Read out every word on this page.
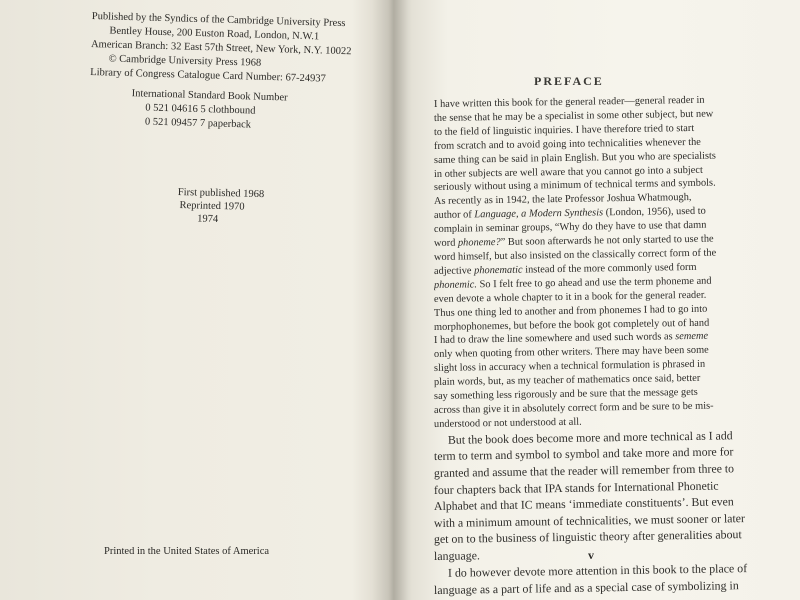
Published by the Syndics of the Cambridge University Press
Bentley House, 200 Euston Road, London, N.W.1
American Branch: 32 East 57th Street, New York, N.Y. 10022
© Cambridge University Press 1968
Library of Congress Catalogue Card Number: 67-24937
International Standard Book Number
0 521 04616 5 clothbound
0 521 09457 7 paperback
First published 1968
Reprinted 1970
1974
Printed in the United States of America
PREFACE
I have written this book for the general reader—general reader in
the sense that he may be a specialist in some other subject, but new
to the field of linguistic inquiries. I have therefore tried to start
from scratch and to avoid going into technicalities whenever the
same thing can be said in plain English. But you who are specialists
in other subjects are well aware that you cannot go into a subject
seriously without using a minimum of technical terms and symbols.
As recently as in 1942, the late Professor Joshua Whatmough,
author of Language, a Modern Synthesis (London, 1956), used to
complain in seminar groups, “Why do they have to use that damn
word phoneme?” But soon afterwards he not only started to use the
word himself, but also insisted on the classically correct form of the
adjective phonematic instead of the more commonly used form
phonemic. So I felt free to go ahead and use the term phoneme and
even devote a whole chapter to it in a book for the general reader.
Thus one thing led to another and from phonemes I had to go into
morphophonemes, but before the book got completely out of hand
I had to draw the line somewhere and used such words as sememe
only when quoting from other writers. There may have been some
slight loss in accuracy when a technical formulation is phrased in
plain words, but, as my teacher of mathematics once said, better
say something less rigorously and be sure that the message gets
across than give it in absolutely correct form and be sure to be mis-
understood or not understood at all.
But the book does become more and more technical as I add
term to term and symbol to symbol and take more and more for
granted and assume that the reader will remember from three to
four chapters back that IPA stands for International Phonetic
Alphabet and that IC means ‘immediate constituents’. But even
with a minimum amount of technicalities, we must sooner or later
get on to the business of linguistic theory after generalities about
language.
I do however devote more attention in this book to the place of
language as a part of life and as a special case of symbolizing in
v
